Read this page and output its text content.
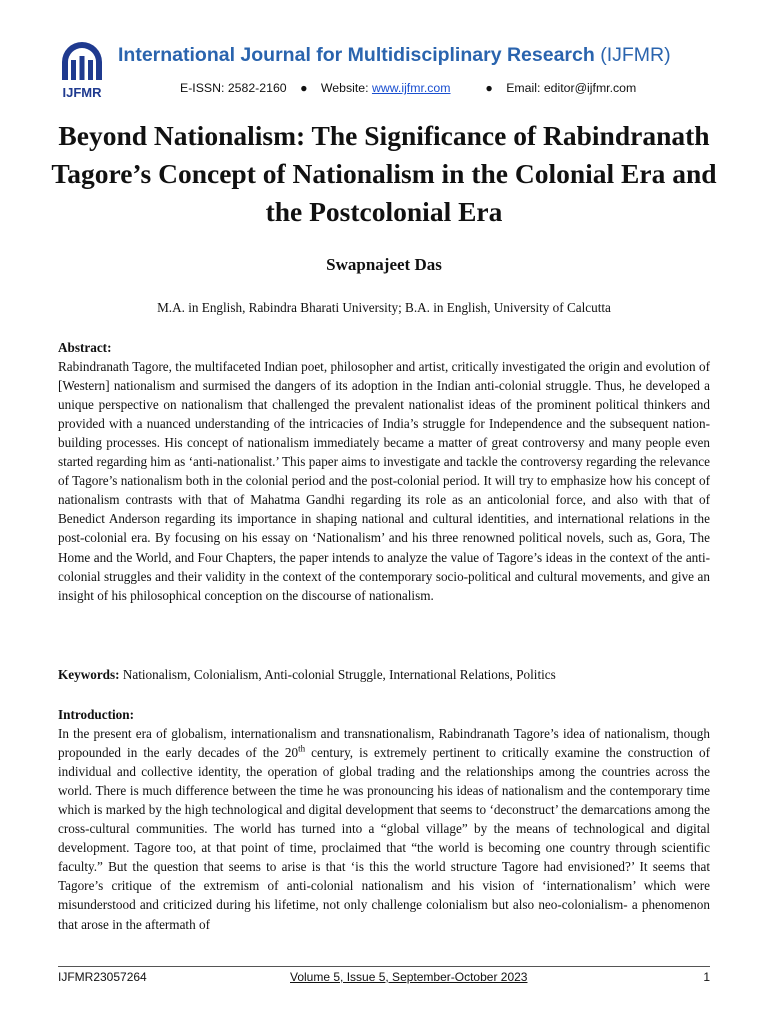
IJFMR
International Journal for Multidisciplinary Research (IJFMR)
E-ISSN: 2582-2160 ● Website: www.ijfmr.com	● Email: editor@ijfmr.com
Beyond Nationalism: The Significance of Rabindranath Tagore’s Concept of Nationalism in the Colonial Era and the Postcolonial Era
Swapnajeet Das
M.A. in English, Rabindra Bharati University; B.A. in English, University of Calcutta

Abstract:

Rabindranath Tagore, the multifaceted Indian poet, philosopher and artist, critically investigated the origin and evolution of [Western] nationalism and surmised the dangers of its adoption in the Indian anti-colonial struggle. Thus, he developed a unique perspective on nationalism that challenged the prevalent nationalist ideas of the prominent political thinkers and provided with a nuanced understanding of the intricacies of India’s struggle for Independence and the subsequent nation-building processes. His concept of nationalism immediately became a matter of great controversy and many people even started regarding him as ‘anti-nationalist.’ This paper aims to investigate and tackle the controversy regarding the relevance of Tagore’s nationalism both in the colonial period and the post-colonial period. It will try to emphasize how his concept of nationalism contrasts with that of Mahatma Gandhi regarding its role as an anticolonial force, and also with that of Benedict Anderson regarding its importance in shaping national and cultural identities, and international relations in the post-colonial era. By focusing on his essay on ‘Nationalism’ and his three renowned political novels, such as, Gora, The Home and the World, and Four Chapters, the paper intends to analyze the value of Tagore’s ideas in the context of the anti-colonial struggles and their validity in the context of the contemporary socio-political and cultural movements, and give an insight of his philosophical conception on the discourse of nationalism.

Keywords: Nationalism, Colonialism, Anti-colonial Struggle, International Relations, Politics

Introduction:

In the present era of globalism, internationalism and transnationalism, Rabindranath Tagore’s idea of nationalism, though propounded in the early decades of the 20th century, is extremely pertinent to critically examine the construction of individual and collective identity, the operation of global trading and the relationships among the countries across the world. There is much difference between the time he was pronouncing his ideas of nationalism and the contemporary time which is marked by the high technological and digital development that seems to ‘deconstruct’ the demarcations among the cross-cultural communities. The world has turned into a “global village” by the means of technological and digital development. Tagore too, at that point of time, proclaimed that “the world is becoming one country through scientific faculty.” But the question that seems to arise is that ‘is this the world structure Tagore had envisioned?’ It seems that Tagore’s critique of the extremism of anti-colonial nationalism and his vision of ‘internationalism’ which were misunderstood and criticized during his lifetime, not only challenge colonialism but also neo-colonialism- a phenomenon that arose in the aftermath of

IJFMR23057264	Volume 5, Issue 5, September-October 2023	1
